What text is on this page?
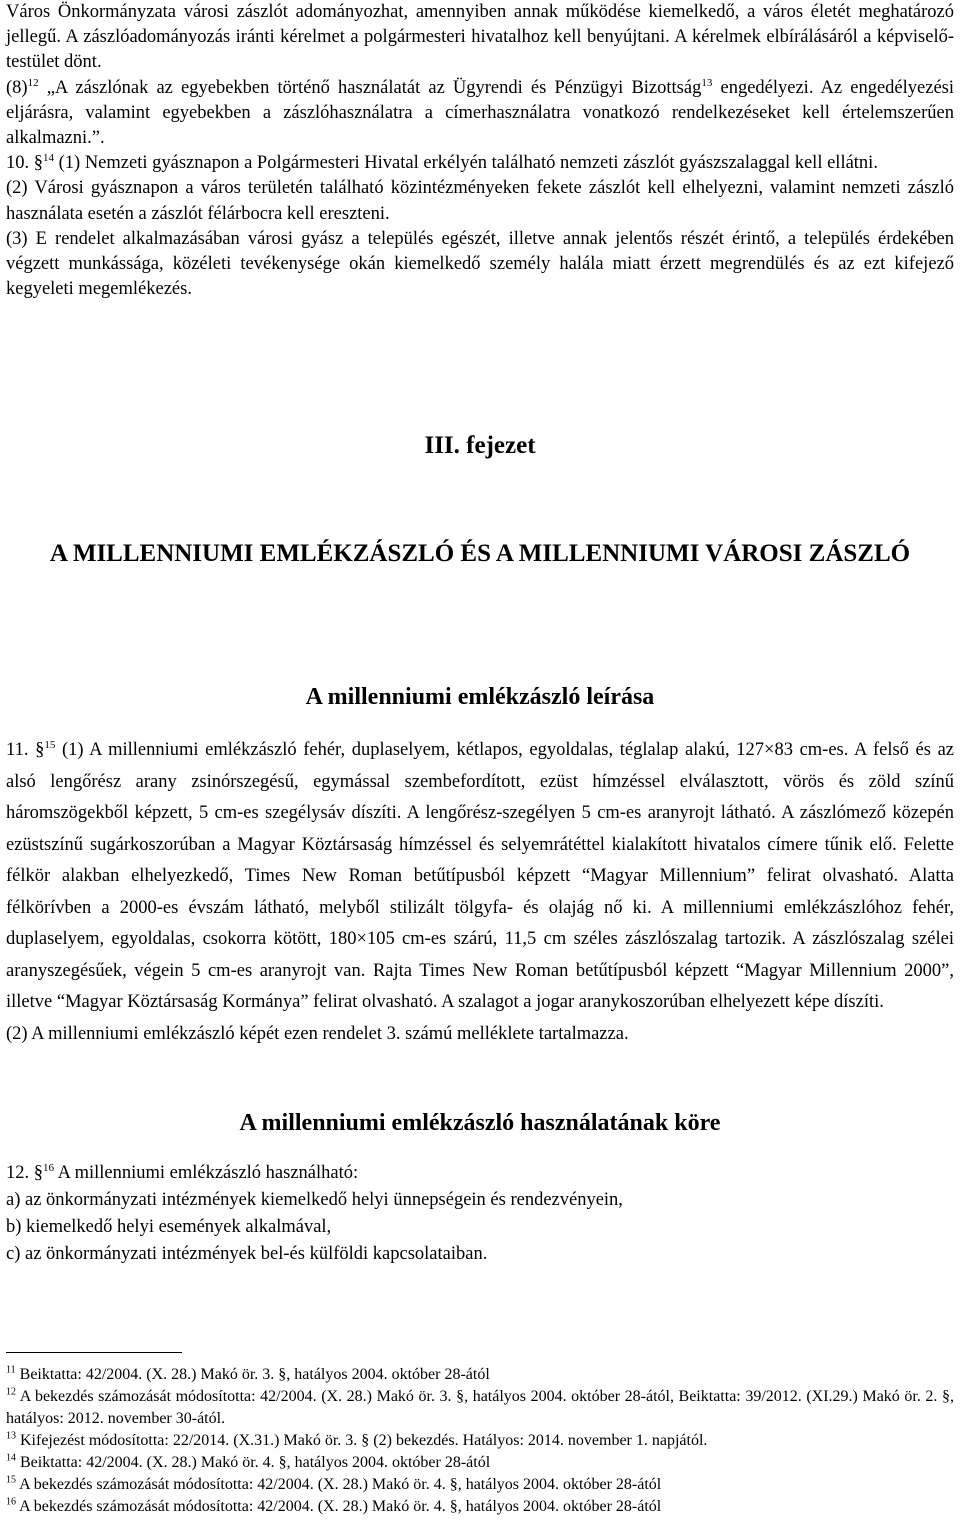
Város Önkormányzata városi zászlót adományozhat, amennyiben annak működése kiemelkedő, a város életét meghatározó jellegű. A zászlóadományozás iránti kérelmet a polgármesteri hivatalhoz kell benyújtani. A kérelmek elbírálásáról a képviselő-testület dönt.

$(8)^{12}$ „A zászlónak az egyebekben történő használatát az Ügyrendi és Pénzügyi Bizottság$^{13}$ engedélyezi. Az engedélyezési eljárásra, valamint egyebekben a zászlóhasználatra a címerhasználatra vonatkozó rendelkezéseket kell értelemszerűen alkalmazni.”.

10. §$^{14}$ (1) Nemzeti gyásznapon a Polgármesteri Hivatal erkélyén található nemzeti zászlót gyászszalaggal kell ellátni.

(2) Városi gyásznapon a város területén található közintézményeken fekete zászlót kell elhelyezni, valamint nemzeti zászló használata esetén a zászlót félárbocra kell ereszteni.

(3) E rendelet alkalmazásában városi gyász a település egészét, illetve annak jelentős részét érintő, a település érdekében végzett munkássága, közéleti tevékenysége okán kiemelkedő személy halála miatt érzett megrendülés és az ezt kifejező kegyeleti megemlékezés.

III. fejezet

A MILLENNIUMI EMLÉKZÁSZLÓ ÉS A MILLENNIUMI VÁROSI ZÁSZLÓ

A millenniumi emlékzászló leírása

11. §$^{15}$ (1) A millenniumi emlékzászló fehér, duplaselyem, kétlapos, egyoldalas, téglalap alakú, 127×83 cm-es. A felső és az alsó lengőrész arany zsinórszegésű, egymással szembefordított, ezüst hímzéssel elválasztott, vörös és zöld színű háromszögekből képzett, 5 cm-es szegélysáv díszíti. A lengőrész-szegélyen 5 cm-es aranyrojt látható. A zászlómező közepén ezüstszínű sugárkoszorúban a Magyar Köztársaság hímzéssel és selyemrátéttel kialakított hivatalos címere tűnik elő. Felette félkör alakban elhelyezkedő, Times New Roman betűtípusból képzett “Magyar Millennium” felirat olvasható. Alatta félkörívben a 2000-es évszám látható, melyből stilizált tölgyfa- és olajág nő ki. A millenniumi emlékzászlóhoz fehér, duplaselyem, egyoldalas, csokorra kötött, 180×105 cm-es szárú, 11,5 cm széles zászlószalag tartozik. A zászlószalag szélei aranyszegésűek, végein 5 cm-es aranyrojt van. Rajta Times New Roman betűtípusból képzett “Magyar Millennium 2000”, illetve “Magyar Köztársaság Kormánya” felirat olvasható. A szalagot a jogar aranykoszorúban elhelyezett képe díszíti.

(2) A millenniumi emlékzászló képét ezen rendelet 3. számú melléklete tartalmazza.

A millenniumi emlékzászló használatának köre

12. §$^{16}$ A millenniumi emlékzászló használható:

a) az önkormányzati intézmények kiemelkedő helyi ünnepségein és rendezvényein,

b) kiemelkedő helyi események alkalmával,

c) az önkormányzati intézmények bel-és külföldi kapcsolataiban.

$^{11}$ Beiktatta: 42/2004. (X. 28.) Makó ör. 3. §, hatályos 2004. október 28-ától

$^{12}$ A bekezdés számozását módosította: 42/2004. (X. 28.) Makó ör. 3. §, hatályos 2004. október 28-ától, Beiktatta: 39/2012. (XI.29.) Makó ör. 2. §, hatályos: 2012. november 30-ától.

$^{13}$ Kifejezést módosította: 22/2014. (X.31.) Makó ör. 3. § (2) bekezdés. Hatályos: 2014. november 1. napjától.

$^{14}$ Beiktatta: 42/2004. (X. 28.) Makó ör. 4. §, hatályos 2004. október 28-ától

$^{15}$ A bekezdés számozását módosította: 42/2004. (X. 28.) Makó ör. 4. §, hatályos 2004. október 28-ától

$^{16}$ A bekezdés számozását módosította: 42/2004. (X. 28.) Makó ör. 4. §, hatályos 2004. október 28-ától
